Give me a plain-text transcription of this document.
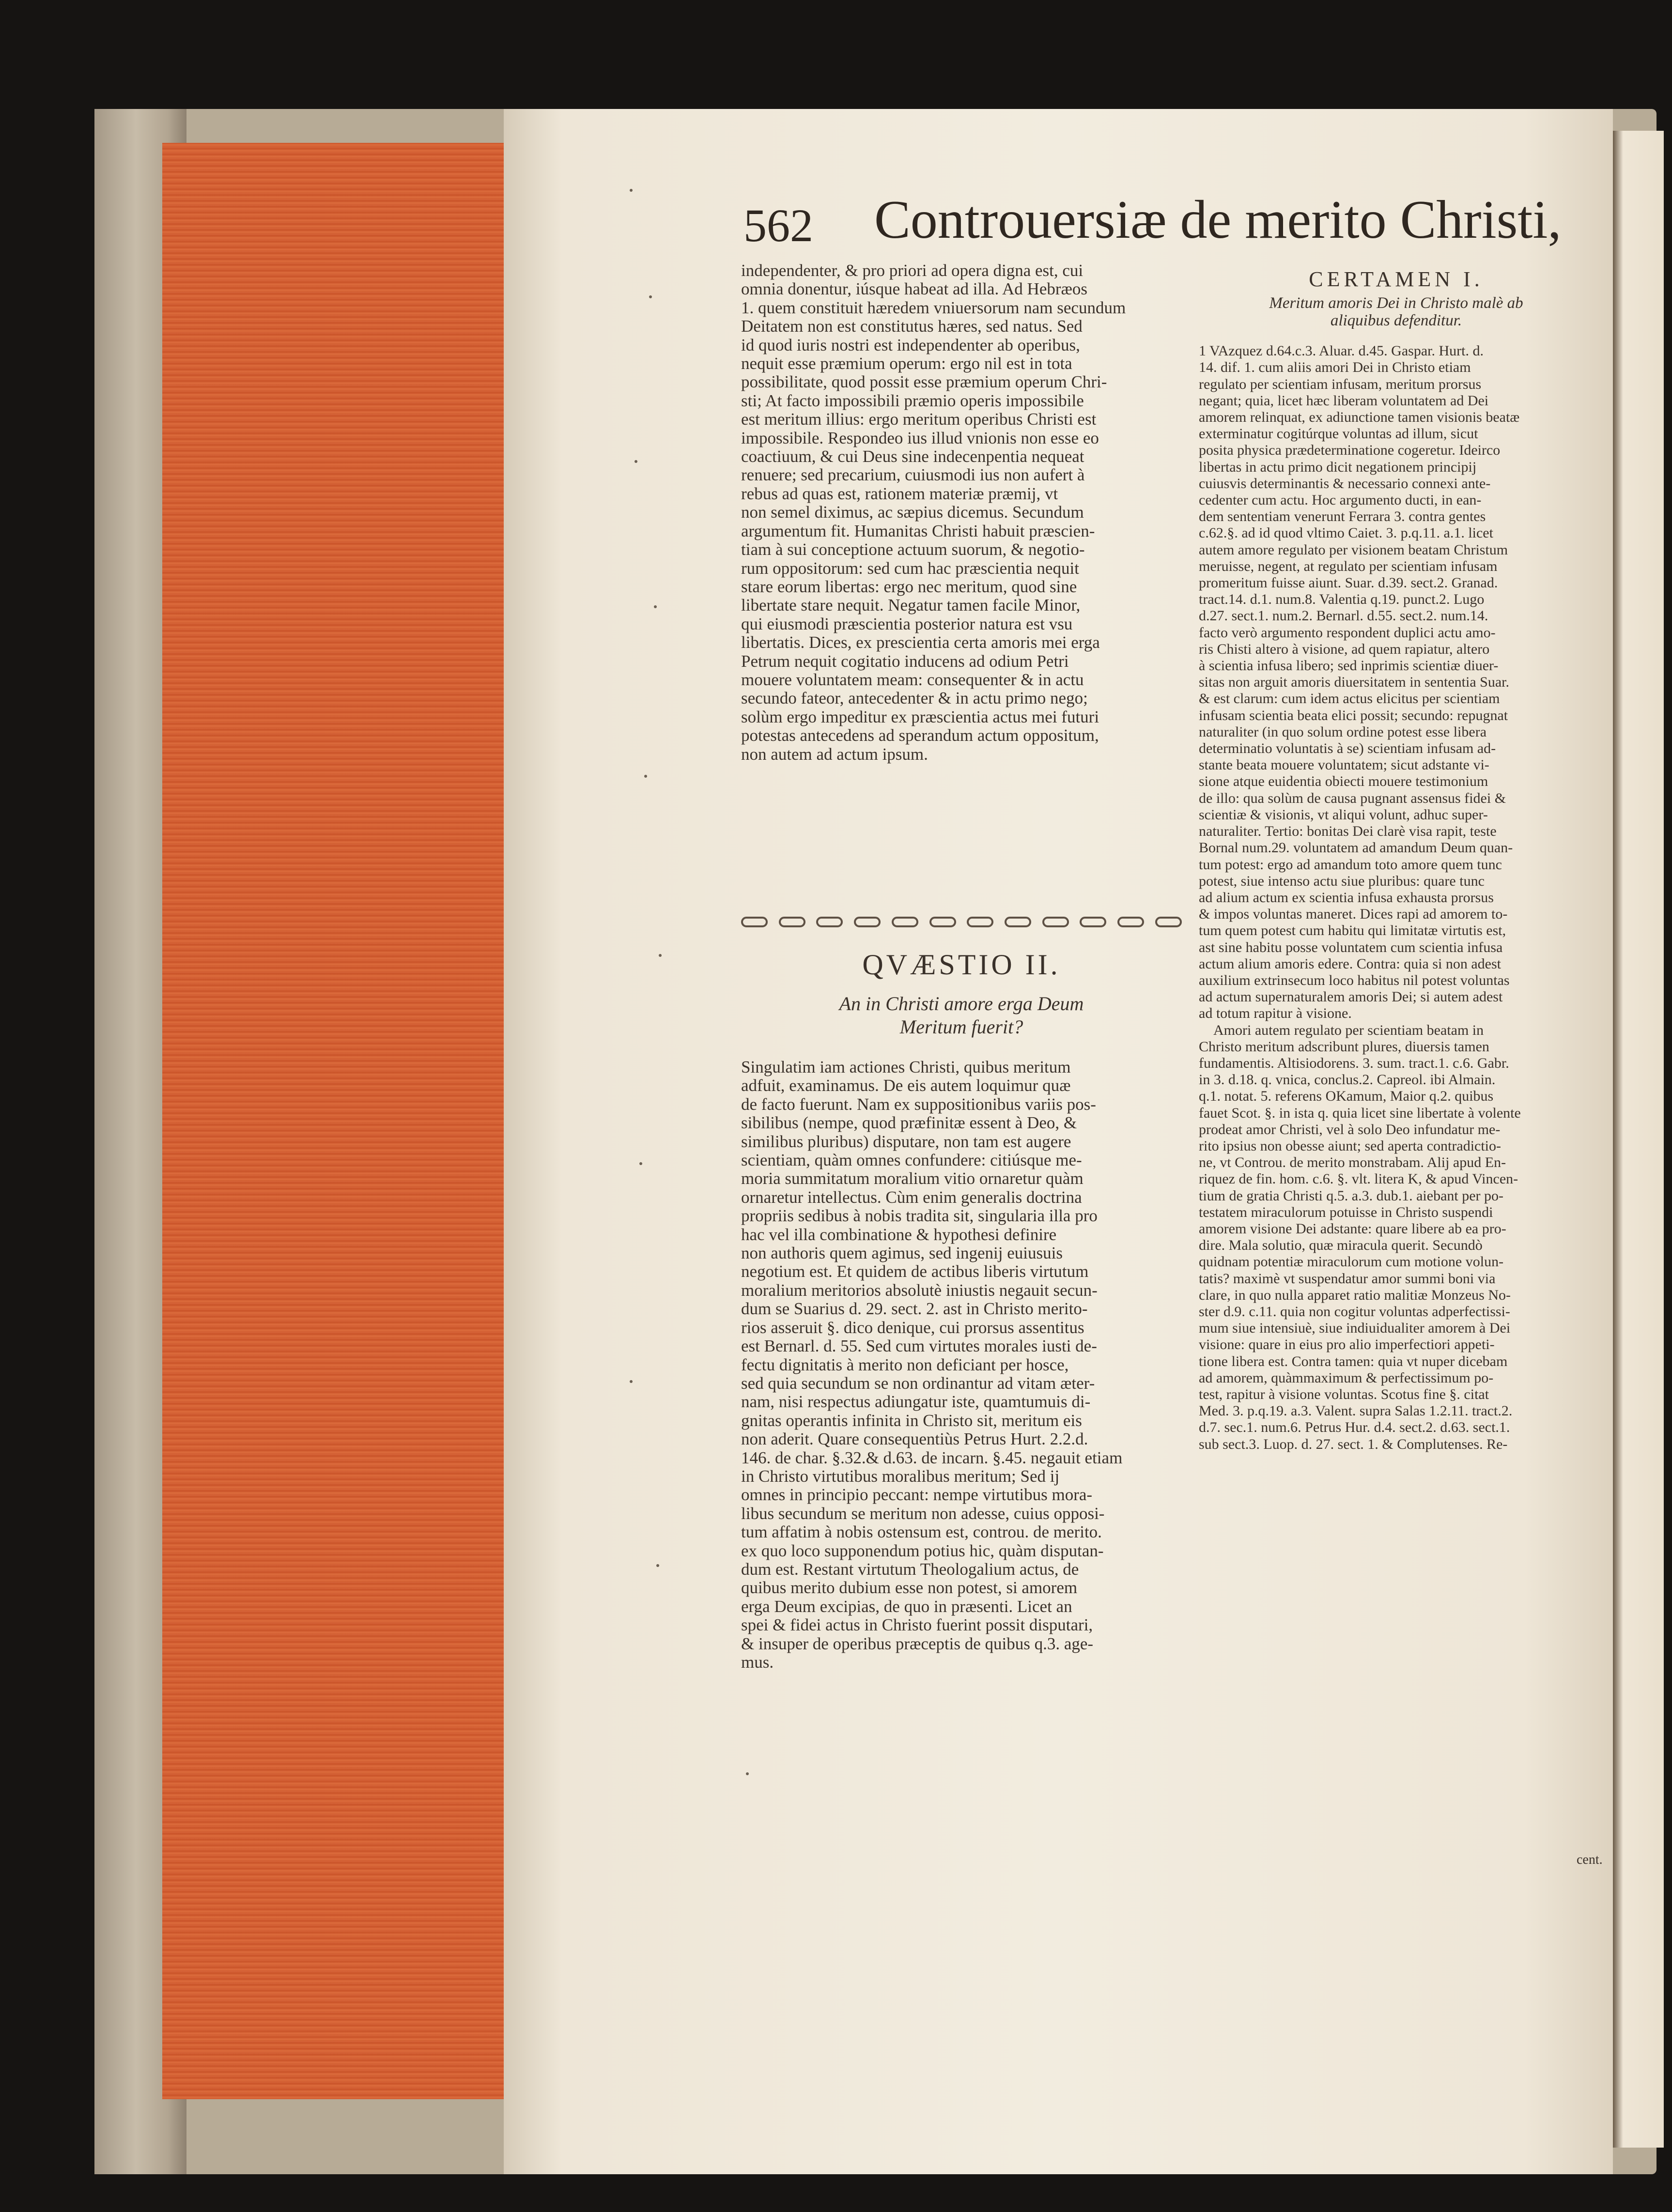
562 Controuersiæ de merito Christi,

independenter, & pro priori ad opera digna est, cui
omnia donentur, iúsque habeat ad illa. Ad Hebræos
1. quem constituit hæredem vniuersorum nam secundum
Deitatem non est constitutus hæres, sed natus. Sed
id quod iuris nostri est independenter ab operibus,
nequit esse præmium operum: ergo nil est in tota
possibilitate, quod possit esse præmium operum Chri-
sti; At facto impossibili præmio operis impossibile
est meritum illius: ergo meritum operibus Christi est
impossibile. Respondeo ius illud vnionis non esse eo
coactiuum, & cui Deus sine indecenpentia nequeat
renuere; sed precarium, cuiusmodi ius non aufert à
rebus ad quas est, rationem materiæ præmij, vt
non semel diximus, ac sæpius dicemus. Secundum
argumentum fit. Humanitas Christi habuit præscien-
tiam à sui conceptione actuum suorum, & negotio-
rum oppositorum: sed cum hac præscientia nequit
stare eorum libertas: ergo nec meritum, quod sine
libertate stare nequit. Negatur tamen facile Minor,
qui eiusmodi præscientia posterior natura est vsu
libertatis. Dices, ex prescientia certa amoris mei erga
Petrum nequit cogitatio inducens ad odium Petri
mouere voluntatem meam: consequenter & in actu
secundo fateor, antecedenter & in actu primo nego;
solùm ergo impeditur ex præscientia actus mei futuri
potestas antecedens ad sperandum actum oppositum,
non autem ad actum ipsum.

QVÆSTIO II.
An in Christi amore erga Deum
Meritum fuerit?
Singulatim iam actiones Christi, quibus meritum
adfuit, examinamus. De eis autem loquimur quæ
de facto fuerunt. Nam ex suppositionibus variis pos-
sibilibus (nempe, quod præfinitæ essent à Deo, &
similibus pluribus) disputare, non tam est augere
scientiam, quàm omnes confundere: citiúsque me-
moria summitatum moralium vitio ornaretur quàm
ornaretur intellectus. Cùm enim generalis doctrina
propriis sedibus à nobis tradita sit, singularia illa pro
hac vel illa combinatione & hypothesi definire
non authoris quem agimus, sed ingenij euiusuis
negotium est. Et quidem de actibus liberis virtutum
moralium meritorios absolutè iniustis negauit secun-
dum se Suarius d. 29. sect. 2. ast in Christo merito-
rios asseruit §. dico denique, cui prorsus assentitus
est Bernarl. d. 55. Sed cum virtutes morales iusti de-
fectu dignitatis à merito non deficiant per hosce,
sed quia secundum se non ordinantur ad vitam æter-
nam, nisi respectus adiungatur iste, quamtumuis di-
gnitas operantis infinita in Christo sit, meritum eis
non aderit. Quare consequentiùs Petrus Hurt. 2.2.d.
146. de char. §.32.& d.63. de incarn. §.45. negauit etiam
in Christo virtutibus moralibus meritum; Sed ij
omnes in principio peccant: nempe virtutibus mora-
libus secundum se meritum non adesse, cuius opposi-
tum affatim à nobis ostensum est, controu. de merito.
ex quo loco supponendum potius hic, quàm disputan-
dum est. Restant virtutum Theologalium actus, de
quibus merito dubium esse non potest, si amorem
erga Deum excipias, de quo in præsenti. Licet an
spei & fidei actus in Christo fuerint possit disputari,
& insuper de operibus præceptis de quibus q.3. age-
mus.
CERTAMEN I.
Meritum amoris Dei in Christo malè ab
aliquibus defenditur.

1 VAzquez d.64.c.3. Aluar. d.45. Gaspar. Hurt. d.
14. dif. 1. cum aliis amori Dei in Christo etiam
regulato per scientiam infusam, meritum prorsus
negant; quia, licet hæc liberam voluntatem ad Dei
amorem relinquat, ex adiunctione tamen visionis beatæ
exterminatur cogitúrque voluntas ad illum, sicut
posita physica prædeterminatione cogeretur. Ideirco
libertas in actu primo dicit negationem principij
cuiusvis determinantis & necessario connexi ante-
cedenter cum actu. Hoc argumento ducti, in ean-
dem sententiam venerunt Ferrara 3. contra gentes
c.62.§. ad id quod vltimo Caiet. 3. p.q.11. a.1. licet
autem amore regulato per visionem beatam Christum
meruisse, negent, at regulato per scientiam infusam
promeritum fuisse aiunt. Suar. d.39. sect.2. Granad.
tract.14. d.1. num.8. Valentia q.19. punct.2. Lugo
d.27. sect.1. num.2. Bernarl. d.55. sect.2. num.14.
facto verò argumento respondent duplici actu amo-
ris Chisti altero à visione, ad quem rapiatur, altero
à scientia infusa libero; sed inprimis scientiæ diuer-
sitas non arguit amoris diuersitatem in sententia Suar.
& est clarum: cum idem actus elicitus per scientiam
infusam scientia beata elici possit; secundo: repugnat
naturaliter (in quo solum ordine potest esse libera
determinatio voluntatis à se) scientiam infusam ad-
stante beata mouere voluntatem; sicut adstante vi-
sione atque euidentia obiecti mouere testimonium
de illo: qua solùm de causa pugnant assensus fidei &
scientiæ & visionis, vt aliqui volunt, adhuc super-
naturaliter. Tertio: bonitas Dei clarè visa rapit, teste
Bornal num.29. voluntatem ad amandum Deum quan-
tum potest: ergo ad amandum toto amore quem tunc
potest, siue intenso actu siue pluribus: quare tunc
ad alium actum ex scientia infusa exhausta prorsus
& impos voluntas maneret. Dices rapi ad amorem to-
tum quem potest cum habitu qui limitatæ virtutis est,
ast sine habitu posse voluntatem cum scientia infusa
actum alium amoris edere. Contra: quia si non adest
auxilium extrinsecum loco habitus nil potest voluntas
ad actum supernaturalem amoris Dei; si autem adest
ad totum rapitur à visione.

Amori autem regulato per scientiam beatam in
Christo meritum adscribunt plures, diuersis tamen
fundamentis. Altisiodorens. 3. sum. tract.1. c.6. Gabr.
in 3. d.18. q. vnica, conclus.2. Capreol. ibi Almain.
q.1. notat. 5. referens OKamum, Maior q.2. quibus
fauet Scot. §. in ista q. quia licet sine libertate à volente
prodeat amor Christi, vel à solo Deo infundatur me-
rito ipsius non obesse aiunt; sed aperta contradictio-
ne, vt Controu. de merito monstrabam. Alij apud En-
riquez de fin. hom. c.6. §. vlt. litera K, & apud Vincen-
tium de gratia Christi q.5. a.3. dub.1. aiebant per po-
testatem miraculorum potuisse in Christo suspendi
amorem visione Dei adstante: quare libere ab ea pro-
dire. Mala solutio, quæ miracula querit. Secundò
quidnam potentiæ miraculorum cum motione volun-
tatis? maximè vt suspendatur amor summi boni via
clare, in quo nulla apparet ratio malitiæ Monzeus No-
ster d.9. c.11. quia non cogitur voluntas adperfectissi-
mum siue intensiuè, siue indiuidualiter amorem à Dei
visione: quare in eius pro alio imperfectiori appeti-
tione libera est. Contra tamen: quia vt nuper dicebam
ad amorem, quàmmaximum & perfectissimum po-
test, rapitur à visione voluntas. Scotus fine §. citat
Med. 3. p.q.19. a.3. Valent. supra Salas 1.2.11. tract.2.
d.7. sec.1. num.6. Petrus Hur. d.4. sect.2. d.63. sect.1.
sub sect.3. Luop. d. 27. sect. 1. & Complutenses. Re-

cent.
